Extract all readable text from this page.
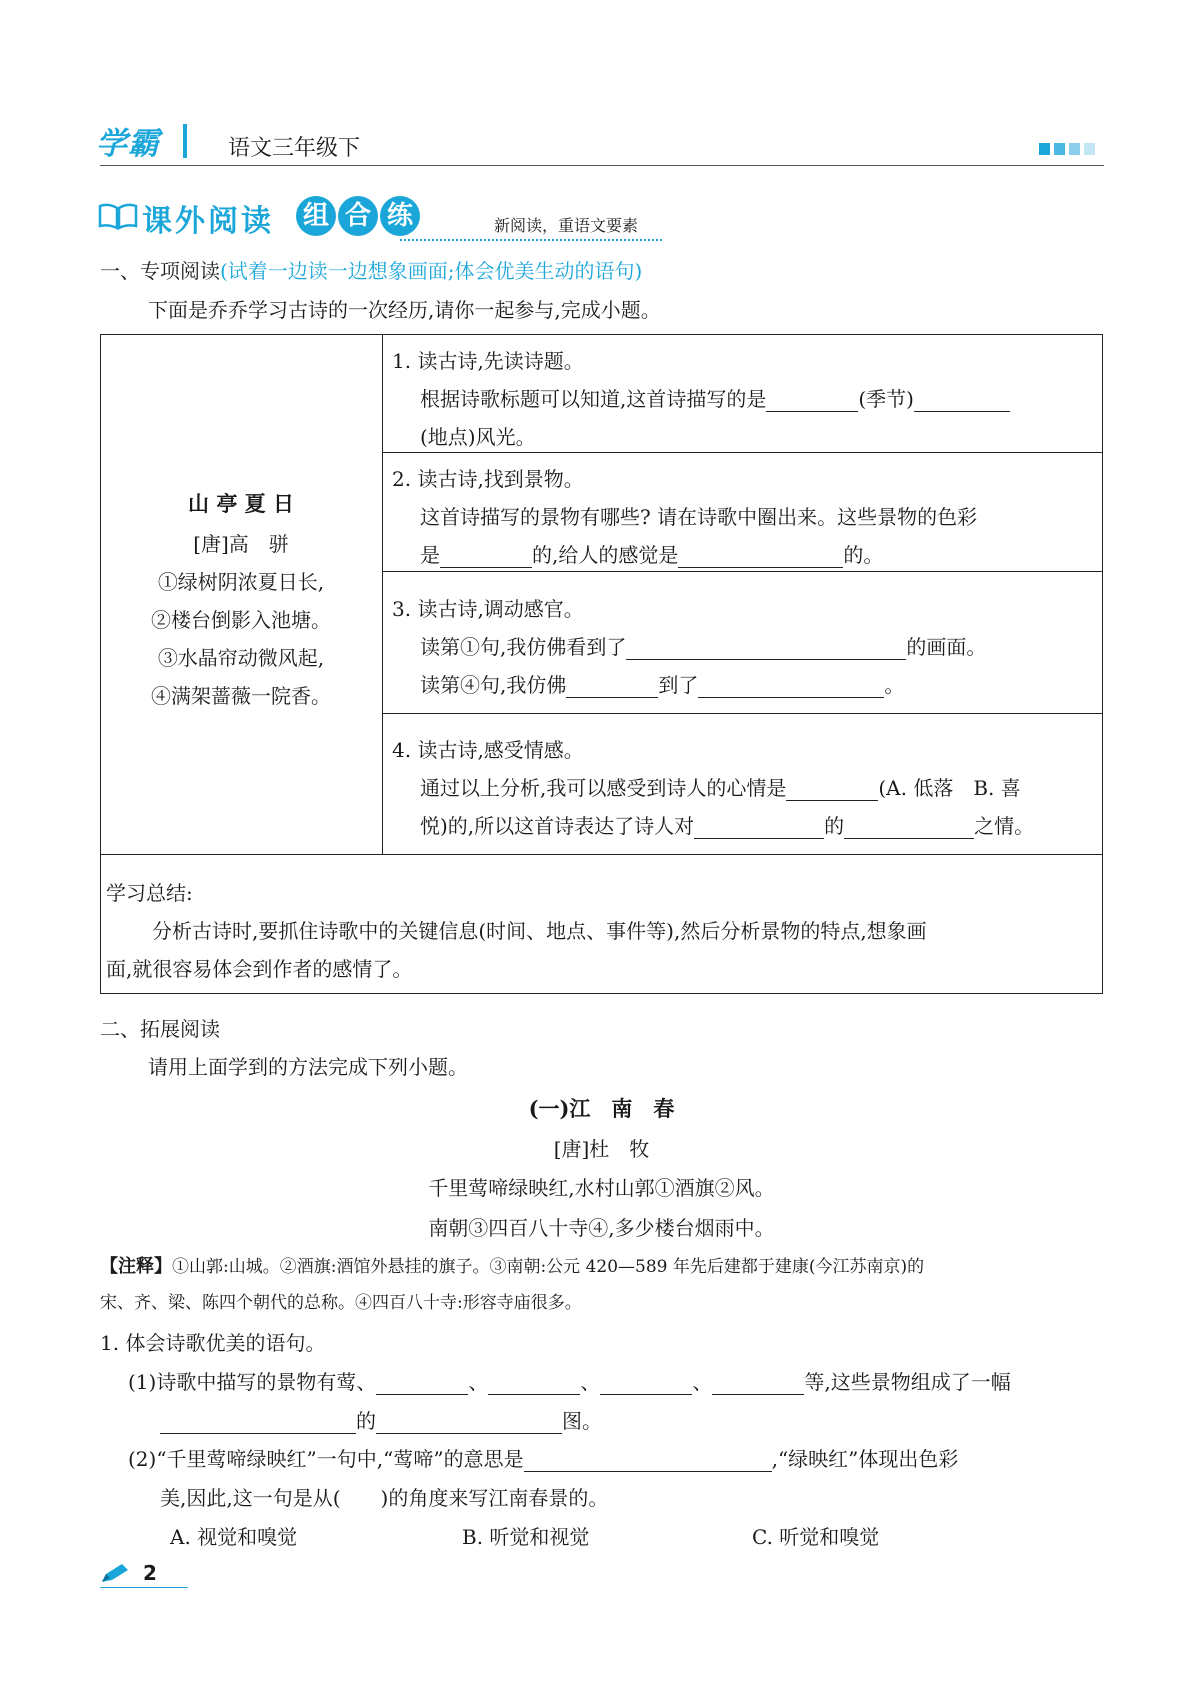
学霸	语文三年级下
课外阅读 组 合 练	新阅读，重语文要素
一、专项阅读(试着一边读一边想象画面;体会优美生动的语句)
下面是乔乔学习古诗的一次经历,请你一起参与,完成小题。
山 亭 夏 日
[唐]高　骈
①绿树阴浓夏日长,
②楼台倒影入池塘。
③水晶帘动微风起,
④满架蔷薇一院香。
1. 读古诗,先读诗题。
根据诗歌标题可以知道,这首诗描写的是	(季节)
(地点)风光。
2. 读古诗,找到景物。
这首诗描写的景物有哪些? 请在诗歌中圈出来。这些景物的色彩
是	的,给人的感觉是	的。
3. 读古诗,调动感官。
读第①句,我仿佛看到了	的画面。
读第④句,我仿佛	到了	。
4. 读古诗,感受情感。
通过以上分析,我可以感受到诗人的心情是	(A. 低落　B. 喜
悦)的,所以这首诗表达了诗人对	的	之情。
学习总结:
分析古诗时,要抓住诗歌中的关键信息(时间、地点、事件等),然后分析景物的特点,想象画
面,就很容易体会到作者的感情了。
二、拓展阅读
请用上面学到的方法完成下列小题。
(一)江　南　春
[唐]杜　牧
千里莺啼绿映红,水村山郭①酒旗②风。
南朝③四百八十寺④,多少楼台烟雨中。
【注释】①山郭:山城。②酒旗:酒馆外悬挂的旗子。③南朝:公元 420—589 年先后建都于建康(今江苏南京)的
宋、齐、梁、陈四个朝代的总称。④四百八十寺:形容寺庙很多。
1. 体会诗歌优美的语句。
(1)诗歌中描写的景物有莺、	、	、	、	等,这些景物组成了一幅
的	图。
(2)“千里莺啼绿映红”一句中,“莺啼”的意思是	,“绿映红”体现出色彩
美,因此,这一句是从(　　)的角度来写江南春景的。
A. 视觉和嗅觉	B. 听觉和视觉	C. 听觉和嗅觉
2
